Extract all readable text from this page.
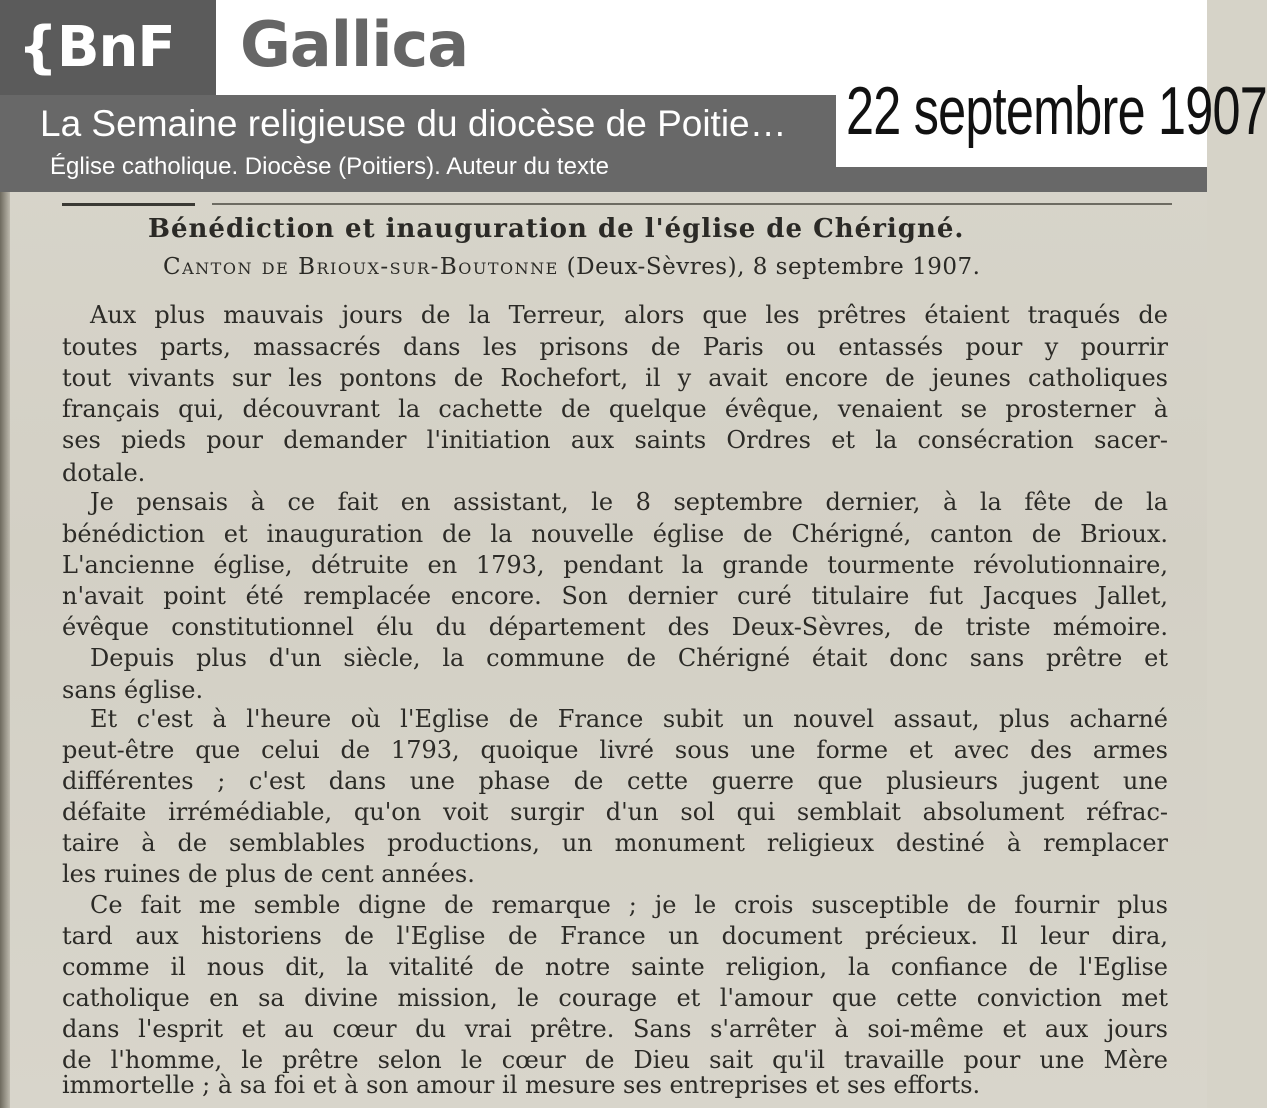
{BnF	Gallica
La Semaine religieuse du diocèse de Poitie…
Église catholique. Diocèse (Poitiers). Auteur du texte
22 septembre 1907
Bénédiction et inauguration de l'église de Chérigné.
Canton de Brioux-sur-Boutonne (Deux-Sèvres), 8 septembre 1907.
Aux plus mauvais jours de la Terreur, alors que les prêtres étaient traqués de
toutes parts, massacrés dans les prisons de Paris ou entassés pour y pourrir
tout vivants sur les pontons de Rochefort, il y avait encore de jeunes catholiques
français qui, découvrant la cachette de quelque évêque, venaient se prosterner à
ses pieds pour demander l'initiation aux saints Ordres et la consécration sacer-
dotale.
Je pensais à ce fait en assistant, le 8 septembre dernier, à la fête de la
bénédiction et inauguration de la nouvelle église de Chérigné, canton de Brioux.
L'ancienne église, détruite en 1793, pendant la grande tourmente révolutionnaire,
n'avait point été remplacée encore. Son dernier curé titulaire fut Jacques Jallet,
évêque constitutionnel élu du département des Deux-Sèvres, de triste mémoire.
Depuis plus d'un siècle, la commune de Chérigné était donc sans prêtre et
sans église.
Et c'est à l'heure où l'Eglise de France subit un nouvel assaut, plus acharné
peut-être que celui de 1793, quoique livré sous une forme et avec des armes
différentes ; c'est dans une phase de cette guerre que plusieurs jugent une
défaite irrémédiable, qu'on voit surgir d'un sol qui semblait absolument réfrac-
taire à de semblables productions, un monument religieux destiné à remplacer
les ruines de plus de cent années.
Ce fait me semble digne de remarque ; je le crois susceptible de fournir plus
tard aux historiens de l'Eglise de France un document précieux. Il leur dira,
comme il nous dit, la vitalité de notre sainte religion, la confiance de l'Eglise
catholique en sa divine mission, le courage et l'amour que cette conviction met
dans l'esprit et au cœur du vrai prêtre. Sans s'arrêter à soi-même et aux jours
de l'homme, le prêtre selon le cœur de Dieu sait qu'il travaille pour une Mère
immortelle ; à sa foi et à son amour il mesure ses entreprises et ses efforts.
